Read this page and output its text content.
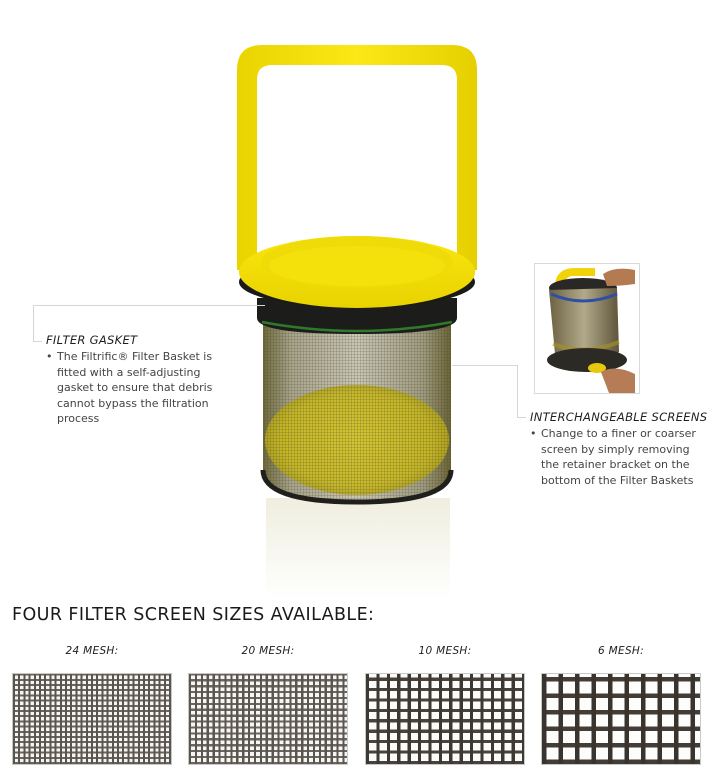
FILTER GASKET
• The Filtrific® Filter Basket is fitted with a self-adjusting gasket to ensure that debris cannot bypass the filtration process	INTERCHANGEABLE SCREENS
• Change to a finer or coarser screen by simply removing the retainer bracket on the bottom of the Filter Baskets
FOUR FILTER SCREEN SIZES AVAILABLE:
24 MESH:	20 MESH:	10 MESH:	6 MESH:
